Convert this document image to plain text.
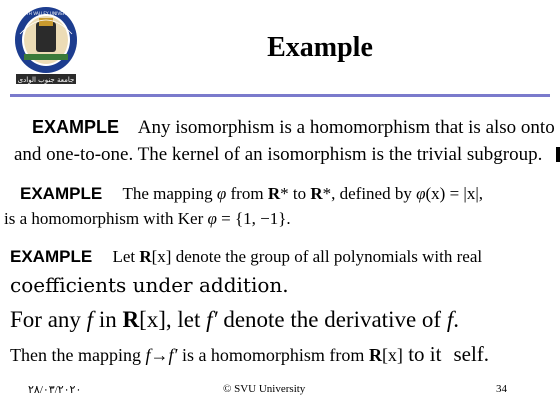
SOUTH VALLEY UNIVERSITY
جامعة جنوب الوادى
Example
EXAMPLE Any isomorphism is a homomorphism that is also onto
and one-to-one. The kernel of an isomorphism is the trivial subgroup.
EXAMPLE The mapping φ from R* to R*, defined by φ(x) = |x|,
is a homomorphism with Ker φ = {1, −1}.
EXAMPLE Let R[x] denote the group of all polynomials with real
coefficients under addition.
For any f in R[x], let f′ denote the derivative of f.
Then the mapping f→f′ is a homomorphism from R[x] to it self.
٢٨/٠٣/٢٠٢٠	© SVU University	34
